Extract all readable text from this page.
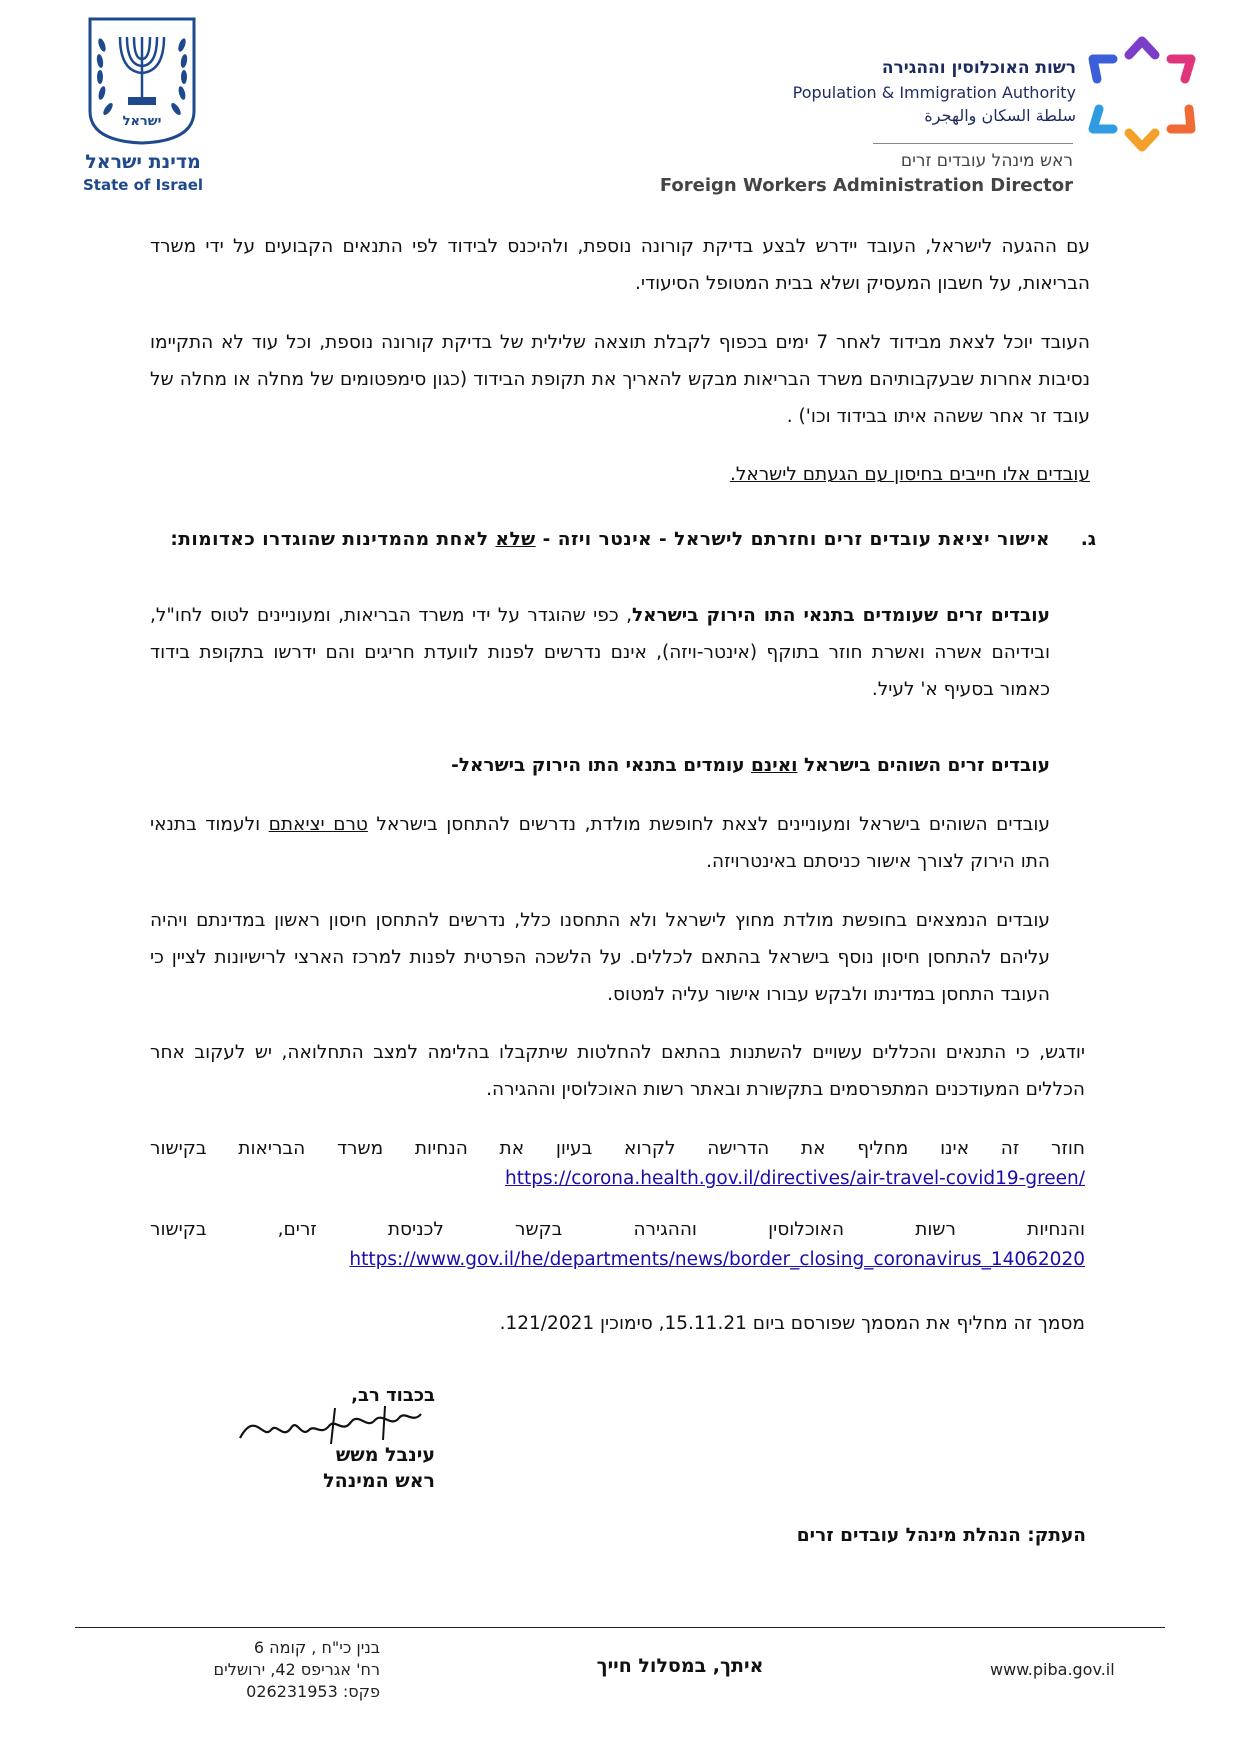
ישראל
מדינת ישראל
State of Israel
רשות האוכלוסין וההגירה
Population & Immigration Authority
سلطة السكان والهجرة
ראש מינהל עובדים זרים
Foreign Workers Administration Director
עם ההגעה לישראל, העובד יידרש לבצע בדיקת קורונה נוספת, ולהיכנס לבידוד לפי התנאים הקבועים על ידי משרד הבריאות, על חשבון המעסיק ושלא בבית המטופל הסיעודי.
העובד יוכל לצאת מבידוד לאחר 7 ימים בכפוף לקבלת תוצאה שלילית של בדיקת קורונה נוספת, וכל עוד לא התקיימו נסיבות אחרות שבעקבותיהם משרד הבריאות מבקש להאריך את תקופת הבידוד (כגון סימפטומים של מחלה או מחלה של עובד זר אחר ששהה איתו בבידוד וכו') .
עובדים אלו חייבים בחיסון עם הגעתם לישראל.
ג.
אישור יציאת עובדים זרים וחזרתם לישראל - אינטר ויזה - שלא לאחת מהמדינות שהוגדרו כאדומות:
עובדים זרים שעומדים בתנאי התו הירוק בישראל, כפי שהוגדר על ידי משרד הבריאות, ומעוניינים לטוס לחו"ל, ובידיהם אשרה ואשרת חוזר בתוקף (אינטר-ויזה), אינם נדרשים לפנות לוועדת חריגים והם ידרשו בתקופת בידוד כאמור בסעיף א' לעיל.
עובדים זרים השוהים בישראל ואינם עומדים בתנאי התו הירוק בישראל-
עובדים השוהים בישראל ומעוניינים לצאת לחופשת מולדת, נדרשים להתחסן בישראל טרם יציאתם ולעמוד בתנאי התו הירוק לצורך אישור כניסתם באינטרויזה.
עובדים הנמצאים בחופשת מולדת מחוץ לישראל ולא התחסנו כלל, נדרשים להתחסן חיסון ראשון במדינתם ויהיה עליהם להתחסן חיסון נוסף בישראל בהתאם לכללים. על הלשכה הפרטית לפנות למרכז הארצי לרישיונות לציין כי העובד התחסן במדינתו ולבקש עבורו אישור עליה למטוס.
יודגש, כי התנאים והכללים עשויים להשתנות בהתאם להחלטות שיתקבלו בהלימה למצב התחלואה, יש לעקוב אחר הכללים המעודכנים המתפרסמים בתקשורת ובאתר רשות האוכלוסין וההגירה.
חוזר זה אינו מחליף את הדרישה לקרוא בעיון את הנחיות משרד הבריאות בקישור
https://corona.health.gov.il/directives/air-travel-covid19-green/
והנחיות רשות האוכלוסין וההגירה בקשר לכניסת זרים, בקישור
https://www.gov.il/he/departments/news/border_closing_coronavirus_14062020
מסמך זה מחליף את המסמך שפורסם ביום 15.11.21, סימוכין 121/2021.
בכבוד רב,
עינבל משש
ראש המינהל
העתק: הנהלת מינהל עובדים זרים
בנין כי"ח , קומה 6
רח' אגריפס 42, ירושלים
פקס: 026231953
איתך, במסלול חייך	www.piba.gov.il
